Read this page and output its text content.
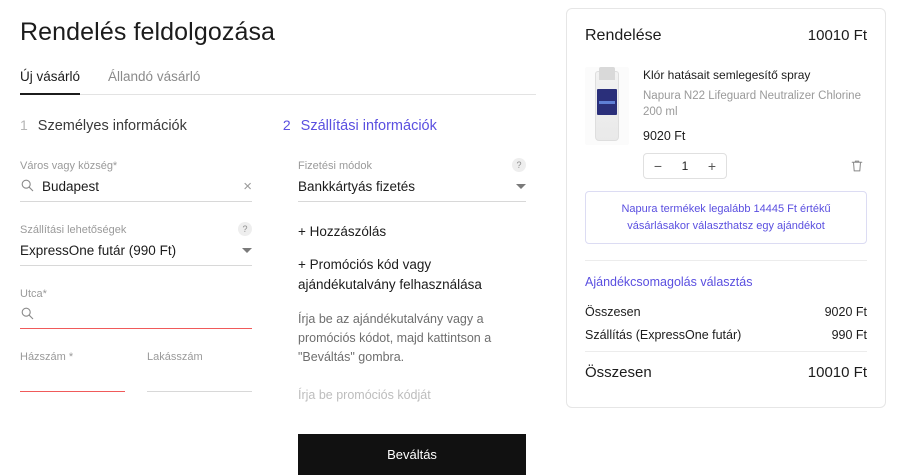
Rendelés feldolgozása
Új vásárló Állandó vásárló
1 Személyes információk	2 Szállítási információk
Város vagy község*
Budapest	×
Szállítási lehetőségek	?
ExpressOne futár (990 Ft)
Utca*
Házszám *	Lakásszám
Fizetési módok	?
Bankkártyás fizetés
+ Hozzászólás
+ Promóciós kód vagy ajándékutalvány felhasználása

Írja be az ajándékutalvány vagy a promóciós kódot, majd kattintson a "Beváltás" gombra.

Írja be promóciós kódját
Beváltás
Rendelése	10010 Ft
Klór hatásait semlegesítő spray
Napura N22 Lifeguard Neutralizer Chlorine 200 ml
9020 Ft
−	1	+
Napura termékek legalább 14445 Ft értékű vásárlásakor választhatsz egy ajándékot
Ajándékcsomagolás választás
Összesen	9020 Ft
Szállítás (ExpressOne futár)	990 Ft
Összesen	10010 Ft
